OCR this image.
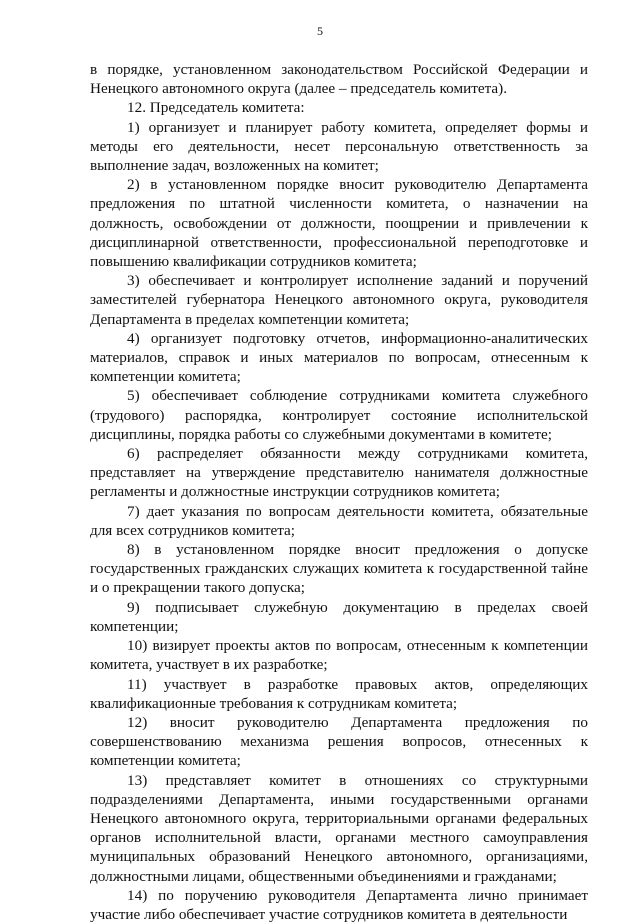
5

в порядке, установленном законодательством Российской Федерации и Ненецкого автономного округа (далее – председатель комитета).

12. Председатель комитета:

1) организует и планирует работу комитета, определяет формы и методы его деятельности, несет персональную ответственность за выполнение задач, возложенных на комитет;

2) в установленном порядке вносит руководителю Департамента предложения по штатной численности комитета, о назначении на должность, освобождении от должности, поощрении и привлечении к дисциплинарной ответственности, профессиональной переподготовке и повышению квалификации сотрудников комитета;

3) обеспечивает и контролирует исполнение заданий и поручений заместителей губернатора Ненецкого автономного округа, руководителя Департамента в пределах компетенции комитета;

4) организует подготовку отчетов, информационно-аналитических материалов, справок и иных материалов по вопросам, отнесенным к компетенции комитета;

5) обеспечивает соблюдение сотрудниками комитета служебного (трудового) распорядка, контролирует состояние исполнительской дисциплины, порядка работы со служебными документами в комитете;

6) распределяет обязанности между сотрудниками комитета, представляет на утверждение представителю нанимателя должностные регламенты и должностные инструкции сотрудников комитета;

7) дает указания по вопросам деятельности комитета, обязательные для всех сотрудников комитета;

8) в установленном порядке вносит предложения о допуске государственных гражданских служащих комитета к государственной тайне и о прекращении такого допуска;

9) подписывает служебную документацию в пределах своей компетенции;

10) визирует проекты актов по вопросам, отнесенным к компетенции комитета, участвует в их разработке;

11) участвует в разработке правовых актов, определяющих квалификационные требования к сотрудникам комитета;

12) вносит руководителю Департамента предложения по совершенствованию механизма решения вопросов, отнесенных к компетенции комитета;

13) представляет комитет в отношениях со структурными подразделениями Департамента, иными государственными органами Ненецкого автономного округа, территориальными органами федеральных органов исполнительной власти, органами местного самоуправления муниципальных образований Ненецкого автономного, организациями, должностными лицами, общественными объединениями и гражданами;

14) по поручению руководителя Департамента лично принимает участие либо обеспечивает участие сотрудников комитета в деятельности
